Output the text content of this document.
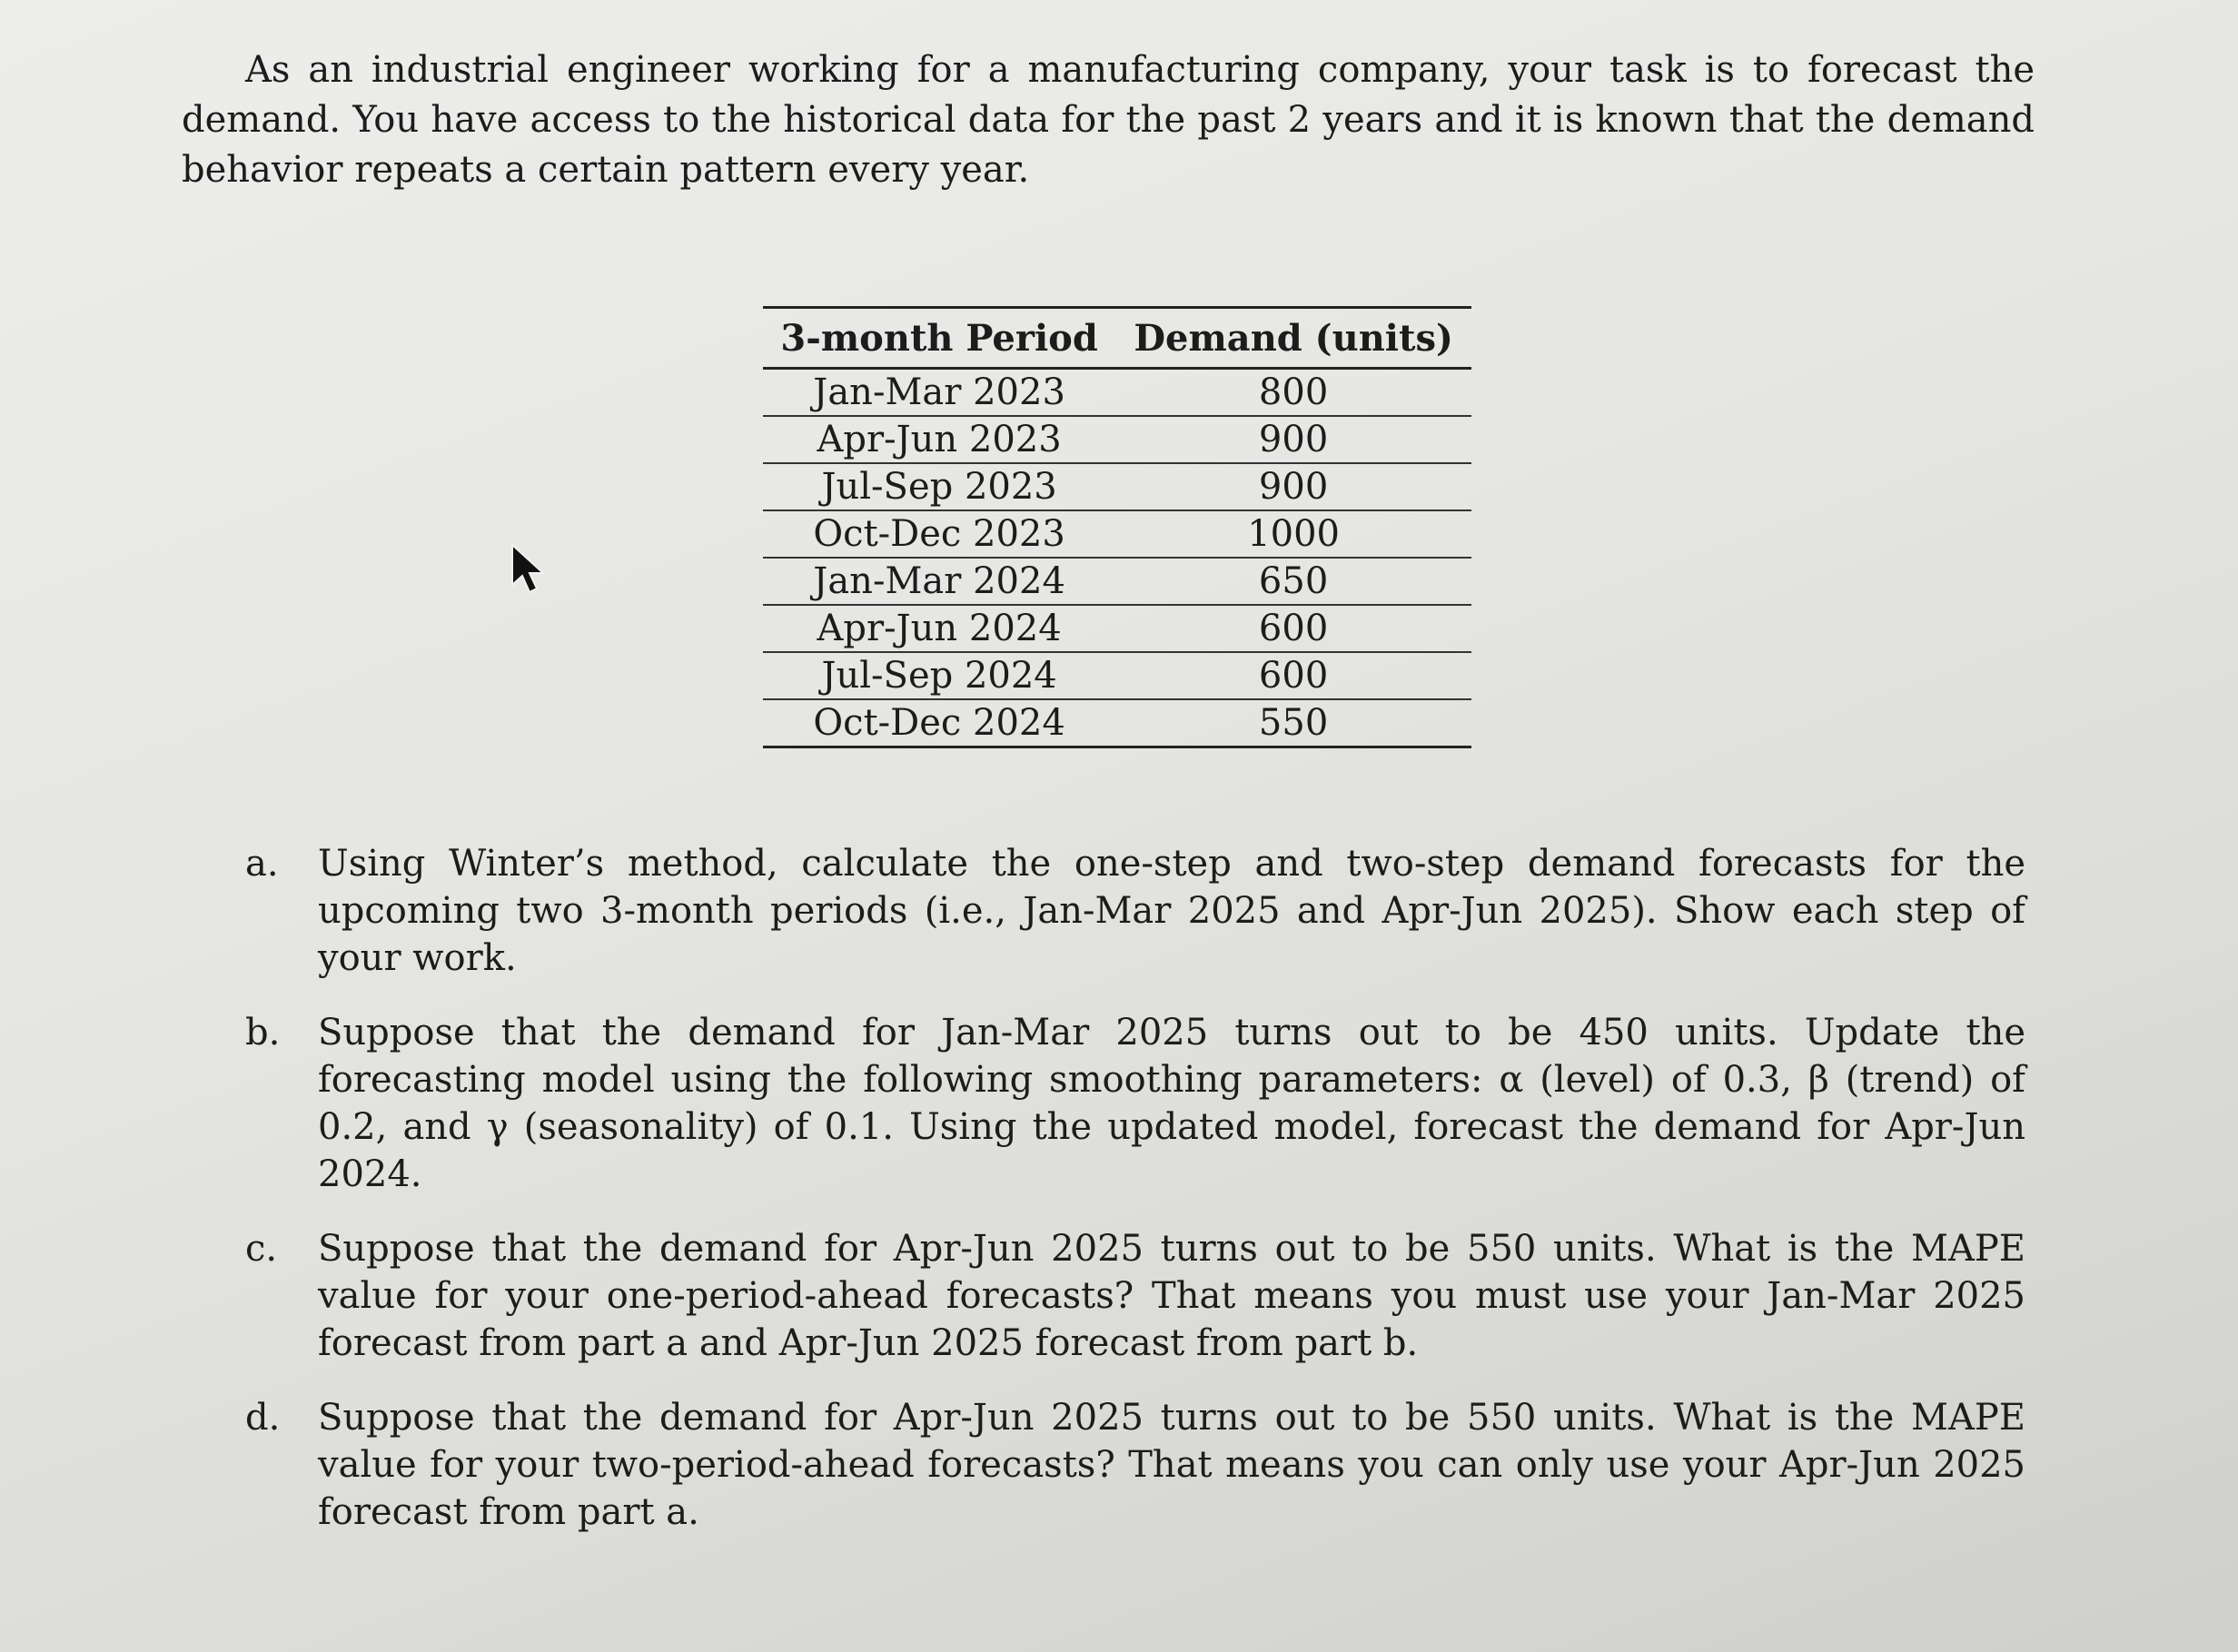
As an industrial engineer working for a manufacturing company, your task is to forecast the demand. You have access to the historical data for the past 2 years and it is known that the demand behavior repeats a certain pattern every year.

3-month Period	Demand (units)
Jan-Mar 2023	800
Apr-Jun 2023	900
Jul-Sep 2023	900
Oct-Dec 2023	1000
Jan-Mar 2024	650
Apr-Jun 2024	600
Jul-Sep 2024	600
Oct-Dec 2024	550
a.	Using Winter’s method, calculate the one-step and two-step demand forecasts for the upcoming two 3-month periods (i.e., Jan-Mar 2025 and Apr-Jun 2025). Show each step of your work.
b.	Suppose that the demand for Jan-Mar 2025 turns out to be 450 units. Update the forecasting model using the following smoothing parameters: α (level) of 0.3, β (trend) of 0.2, and γ (seasonality) of 0.1. Using the updated model, forecast the demand for Apr-Jun 2024.
c.	Suppose that the demand for Apr-Jun 2025 turns out to be 550 units. What is the MAPE value for your one-period-ahead forecasts? That means you must use your Jan-Mar 2025 forecast from part a and Apr-Jun 2025 forecast from part b.
d.	Suppose that the demand for Apr-Jun 2025 turns out to be 550 units. What is the MAPE value for your two-period-ahead forecasts? That means you can only use your Apr-Jun 2025 forecast from part a.
